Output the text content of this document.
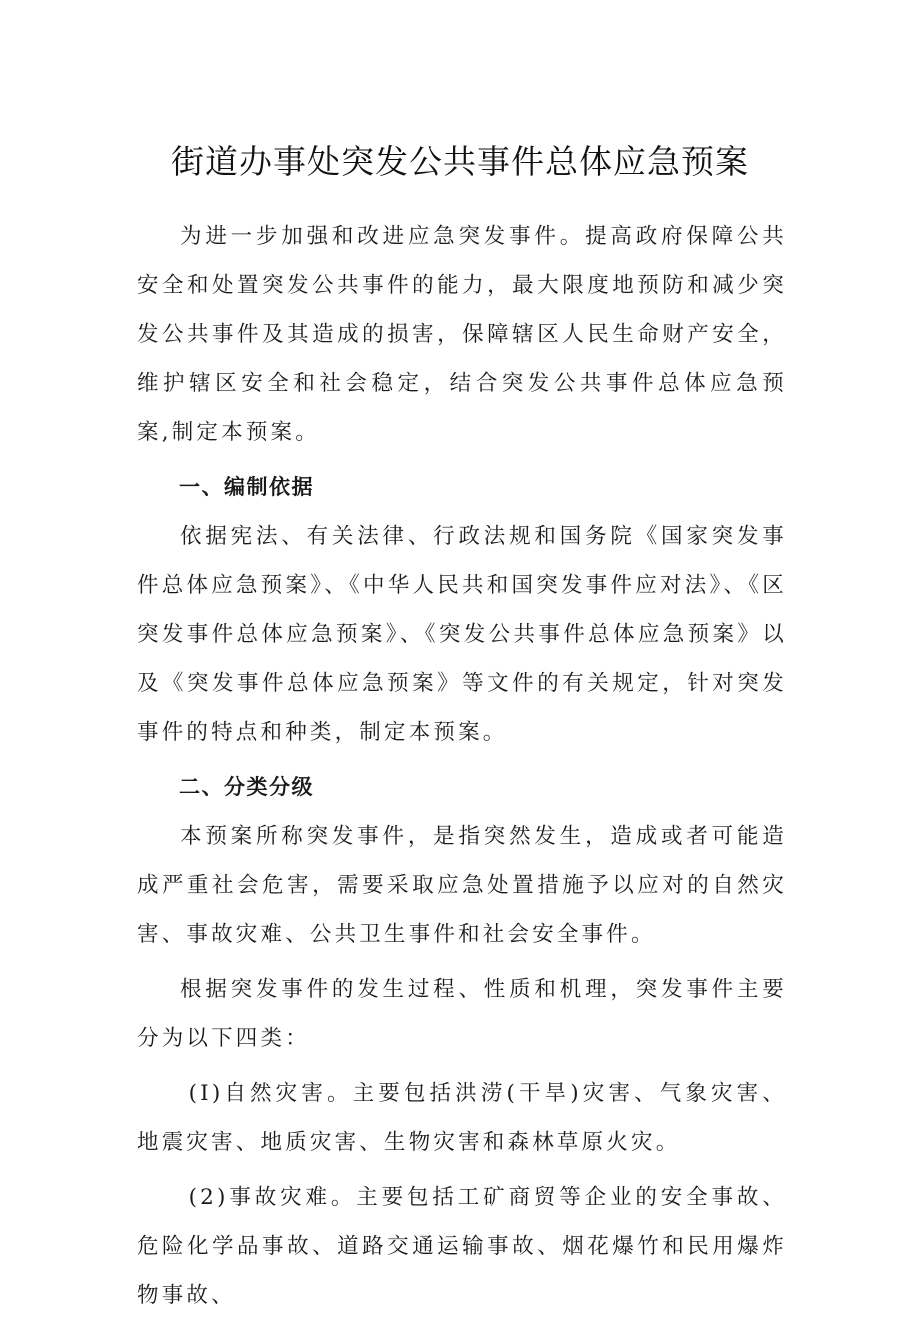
街道办事处突发公共事件总体应急预案

为进一步加强和改进应急突发事件。提高政府保障公共安全和处置突发公共事件的能力，最大限度地预防和减少突发公共事件及其造成的损害，保障辖区人民生命财产安全，维护辖区安全和社会稳定，结合突发公共事件总体应急预案,制定本预案。

一、编制依据

依据宪法、有关法律、行政法规和国务院《国家突发事件总体应急预案》、《中华人民共和国突发事件应对法》、《区突发事件总体应急预案》、《突发公共事件总体应急预案》以及《突发事件总体应急预案》等文件的有关规定，针对突发事件的特点和种类，制定本预案。

二、分类分级

本预案所称突发事件，是指突然发生，造成或者可能造成严重社会危害，需要采取应急处置措施予以应对的自然灾害、事故灾难、公共卫生事件和社会安全事件。

根据突发事件的发生过程、性质和机理，突发事件主要分为以下四类：

(I)自然灾害。主要包括洪涝(干旱)灾害、气象灾害、地震灾害、地质灾害、生物灾害和森林草原火灾。

(2)事故灾难。主要包括工矿商贸等企业的安全事故、危险化学品事故、道路交通运输事故、烟花爆竹和民用爆炸物事故、
